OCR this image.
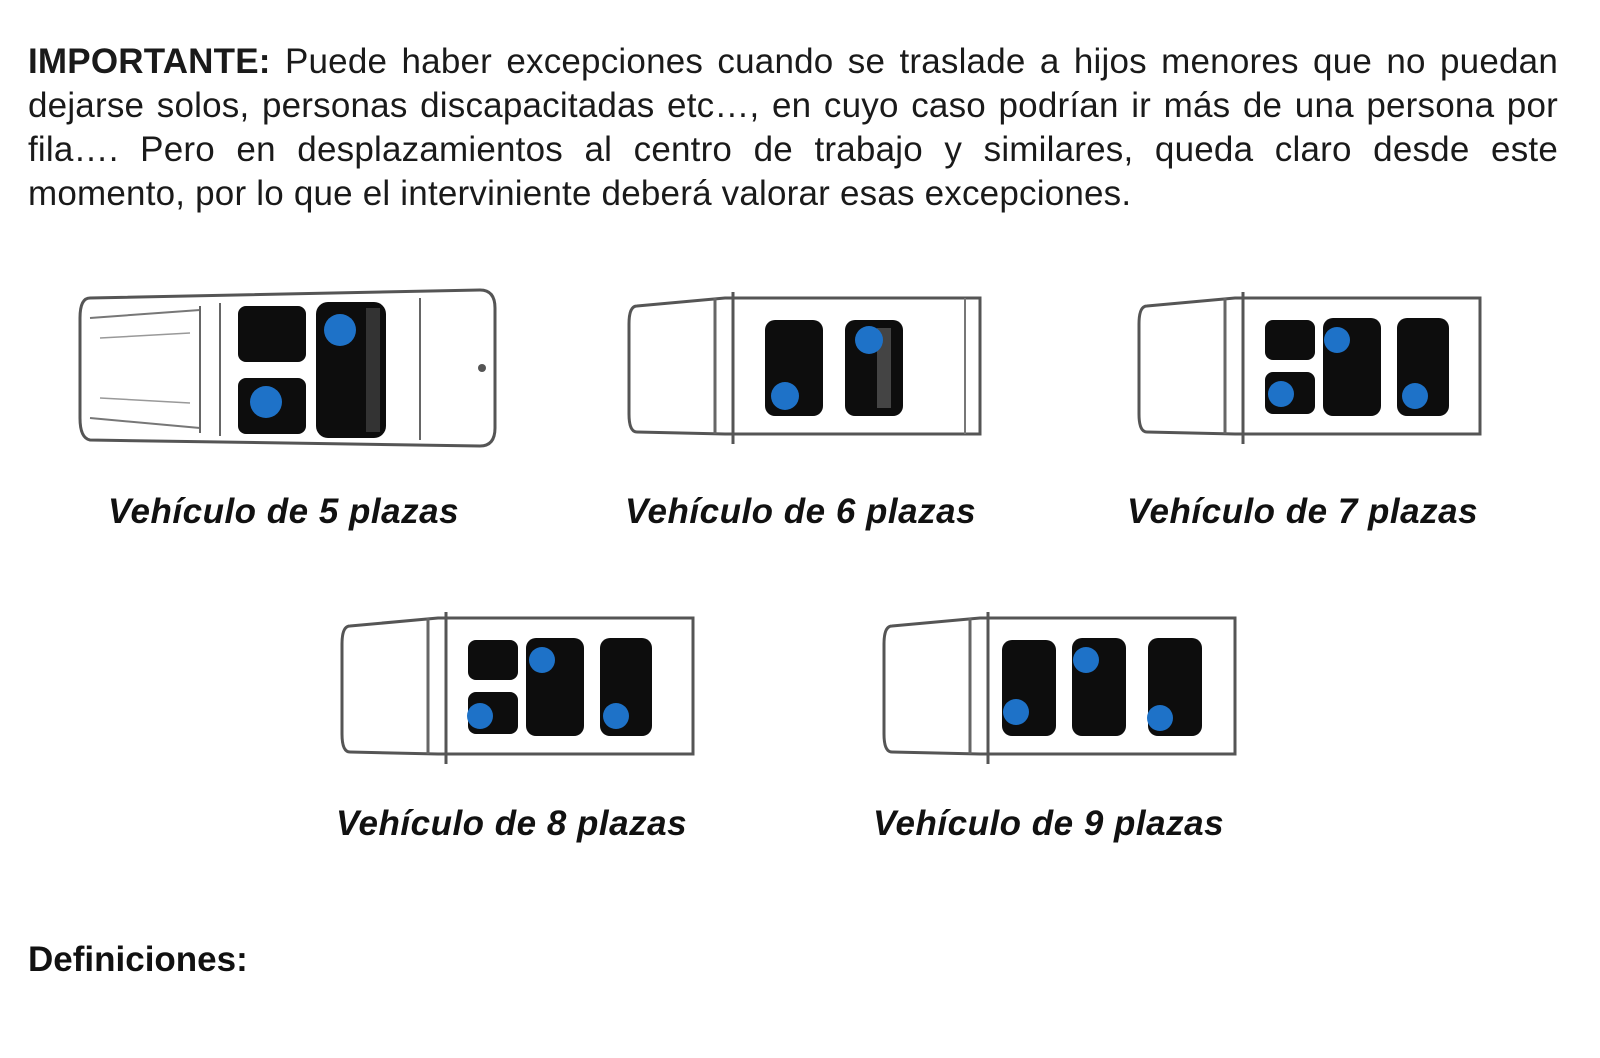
IMPORTANTE: Puede haber excepciones cuando se traslade a hijos menores que no puedan dejarse solos, personas discapacitadas etc…, en cuyo caso podrían ir más de una persona por fila…. Pero en desplazamientos al centro de trabajo y similares, queda claro desde este momento, por lo que el interviniente deberá valorar esas excepciones.
Vehículo de 5 plazas	Vehículo de 6 plazas	Vehículo de 7 plazas
Vehículo de 8 plazas	Vehículo de 9 plazas
Definiciones:
